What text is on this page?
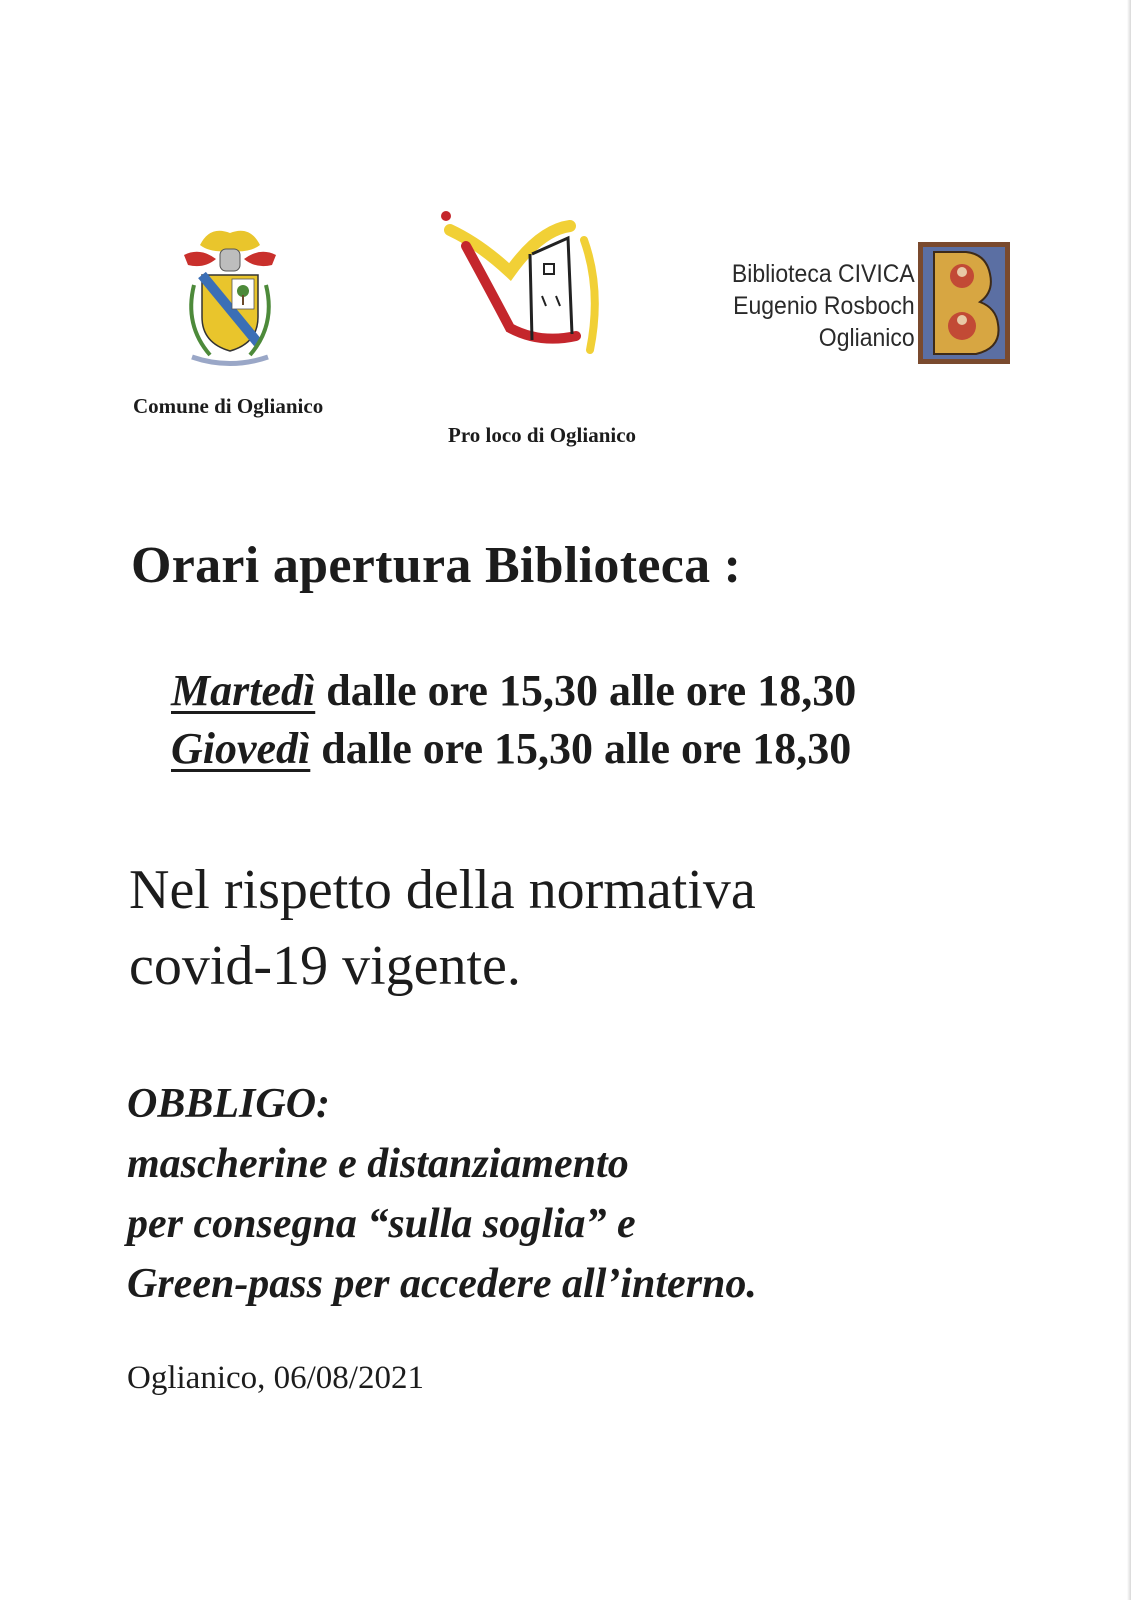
Biblioteca CIVICA
Eugenio Rosboch
Oglianico
Comune di Oglianico
Pro loco di Oglianico
Orari apertura Biblioteca :
Martedì dalle ore 15,30 alle ore 18,30
Giovedì dalle ore 15,30 alle ore 18,30
Nel rispetto della normativa
covid-19 vigente.
OBBLIGO:
mascherine e distanziamento
per consegna “sulla soglia” e
Green-pass per accedere all’interno.
Oglianico, 06/08/2021
